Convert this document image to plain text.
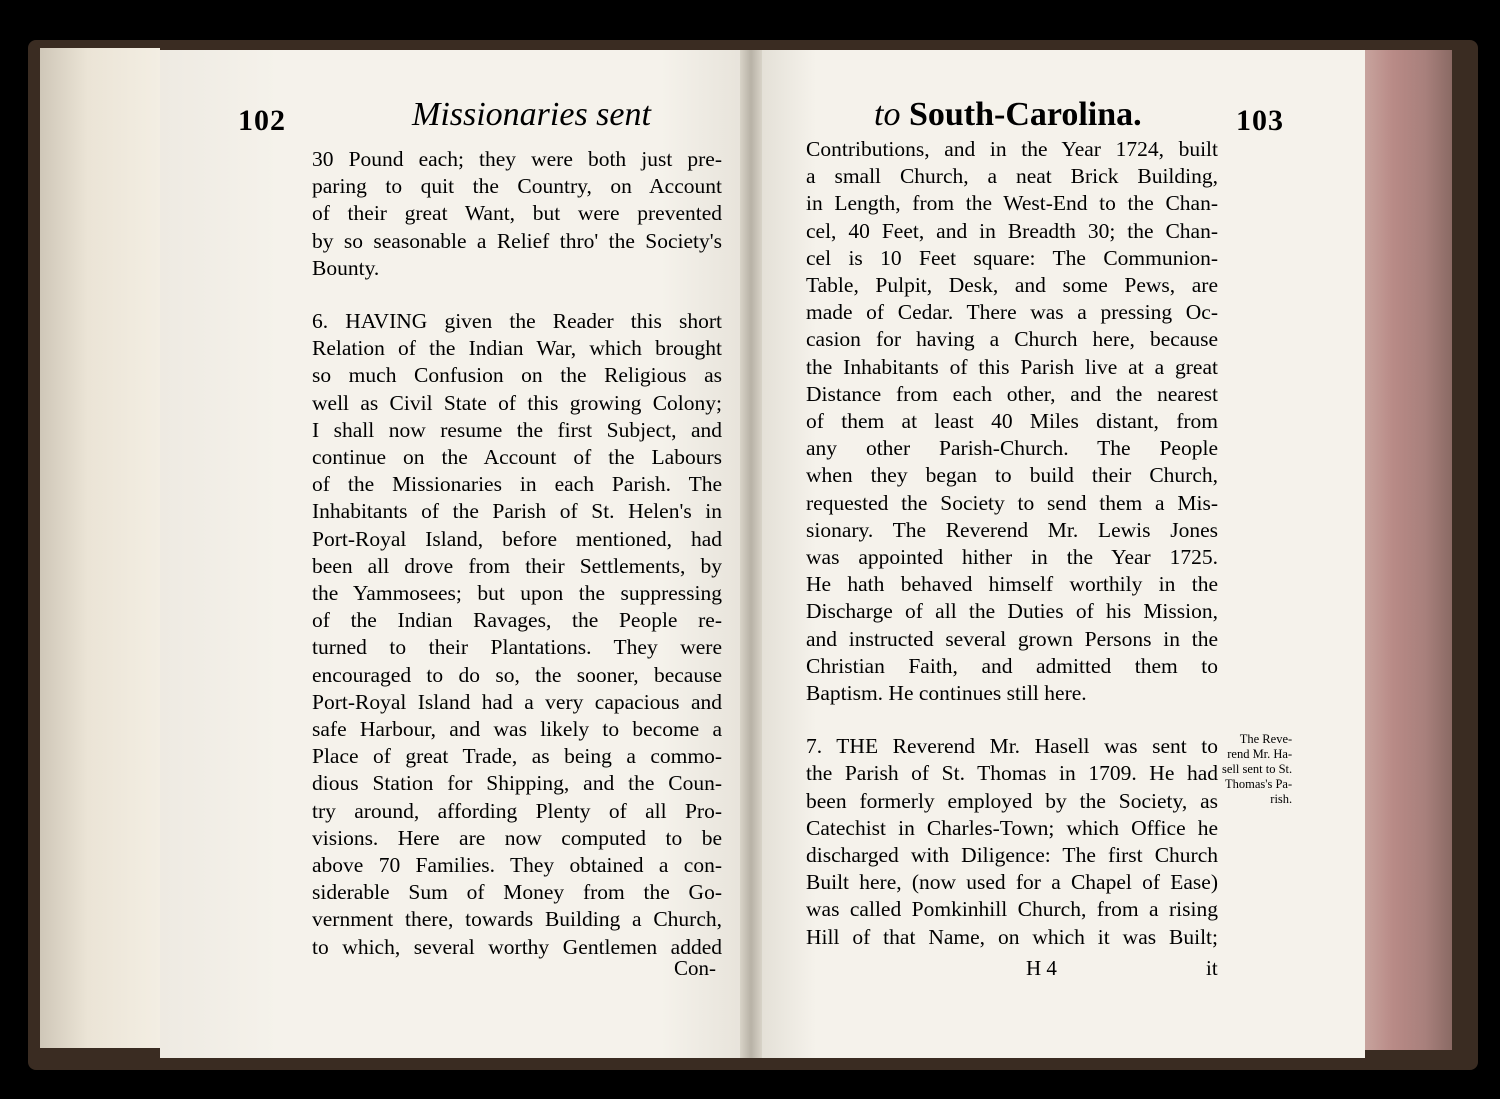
102	Missionaries sent
30 Pound each; they were both just pre-
paring to quit the Country, on Account
of their great Want, but were prevented
by so seasonable a Relief thro' the Society's
Bounty.
6. HAVING given the Reader this short
Relation of the Indian War, which brought
so much Confusion on the Religious as
well as Civil State of this growing Colony;
I shall now resume the first Subject, and
continue on the Account of the Labours
of the Missionaries in each Parish. The
Inhabitants of the Parish of St. Helen's in
Port-Royal Island, before mentioned, had
been all drove from their Settlements, by
the Yammosees; but upon the suppressing
of the Indian Ravages, the People re-
turned to their Plantations. They were
encouraged to do so, the sooner, because
Port-Royal Island had a very capacious and
safe Harbour, and was likely to become a
Place of great Trade, as being a commo-
dious Station for Shipping, and the Coun-
try around, affording Plenty of all Pro-
visions. Here are now computed to be
above 70 Families. They obtained a con-
siderable Sum of Money from the Go-
vernment there, towards Building a Church,
to which, several worthy Gentlemen added
Con-
to South-Carolina.	103
Contributions, and in the Year 1724, built
a small Church, a neat Brick Building,
in Length, from the West-End to the Chan-
cel, 40 Feet, and in Breadth 30; the Chan-
cel is 10 Feet square: The Communion-
Table, Pulpit, Desk, and some Pews, are
made of Cedar. There was a pressing Oc-
casion for having a Church here, because
the Inhabitants of this Parish live at a great
Distance from each other, and the nearest
of them at least 40 Miles distant, from
any other Parish-Church. The People
when they began to build their Church,
requested the Society to send them a Mis-
sionary. The Reverend Mr. Lewis Jones
was appointed hither in the Year 1725.
He hath behaved himself worthily in the
Discharge of all the Duties of his Mission,
and instructed several grown Persons in the
Christian Faith, and admitted them to
Baptism. He continues still here.
7. THE Reverend Mr. Hasell was sent to
the Parish of St. Thomas in 1709. He had
been formerly employed by the Society, as
Catechist in Charles-Town; which Office he
discharged with Diligence: The first Church
Built here, (now used for a Chapel of Ease)
was called Pomkinhill Church, from a rising
Hill of that Name, on which it was Built;
The Reve-
rend Mr. Ha-
sell sent to St.
Thomas's Pa-
rish.
H 4	it
